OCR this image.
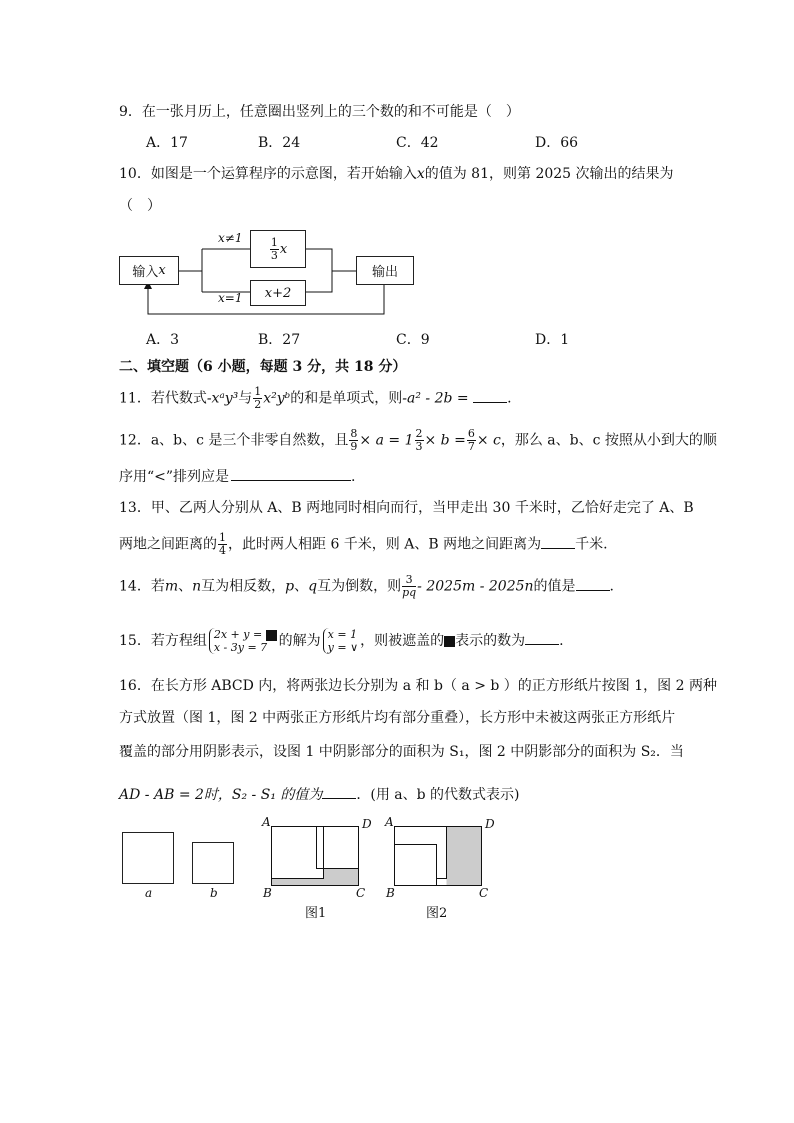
9．在一张月历上，任意圈出竖列上的三个数的和不可能是（　）
A．17	B．24	C．42	D．66
10．如图是一个运算程序的示意图，若开始输入x的值为 81，则第 2025 次输出的结果为
（　）
输入 x
$x\ne 1 \frac{1}{3}$ x
x=1	x+2
输出
A．3	B．27	C．9	D．1
二、填空题（6 小题，每题 3 分，共 18 分）
11．若代数式-xᵃy³与 $\frac{1}{2}$ x²yᵇ的和是单项式，则-a² - 2b =	.
12．a、b、c 是三个非零自然数，且 $\frac{8}{9} \times a = 1 \frac{2}{3} \times b = \frac{6}{7} \times c$，那么 a、b、c 按照从小到大的顺
序用“<”排列应是	.
13．甲、乙两人分别从 A、B 两地同时相向而行，当甲走出 30 千米时，乙恰好走完了 A、B
两地之间距离的 $\frac{1}{4}$ ，此时两人相距 6 千米，则 A、B 两地之间距离为 千米.
14．若m、n互为相反数，p、q互为倒数，则 $\frac{3}{pq} - 2025m - 2025n$的值是 .
15．若方程组 2x + y =
x - 3y = 7 的解为 x = 1
y = ∨ ，则被遮盖的 表示的数为 .
16．在长方形 ABCD 内，将两张边长分别为 a 和 b（ a > b ）的正方形纸片按图 1，图 2 两种
方式放置（图 1，图 2 中两张正方形纸片均有部分重叠），长方形中未被这两张正方形纸片
覆盖的部分用阴影表示，设图 1 中阴影部分的面积为 S₁，图 2 中阴影部分的面积为 S₂．当
AD - AB = 2时，S₂ - S₁ 的值为 ．(用 a、b 的代数式表示)
a	b
A	D
B	C
图1
A	D
B	C
图2
